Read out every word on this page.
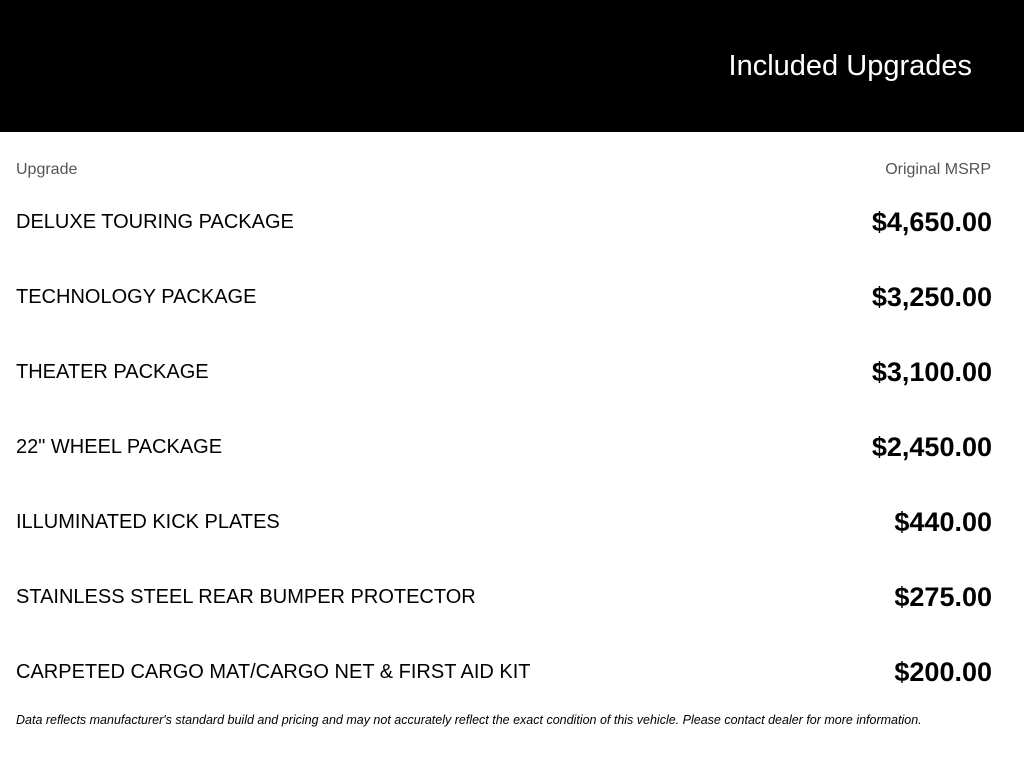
Included Upgrades
Upgrade	Original MSRP
DELUXE TOURING PACKAGE	$4,650.00
TECHNOLOGY PACKAGE	$3,250.00
THEATER PACKAGE	$3,100.00
22" WHEEL PACKAGE	$2,450.00
ILLUMINATED KICK PLATES	$440.00
STAINLESS STEEL REAR BUMPER PROTECTOR	$275.00
CARPETED CARGO MAT/CARGO NET & FIRST AID KIT	$200.00
Data reflects manufacturer's standard build and pricing and may not accurately reflect the exact condition of this vehicle. Please contact dealer for more information.
